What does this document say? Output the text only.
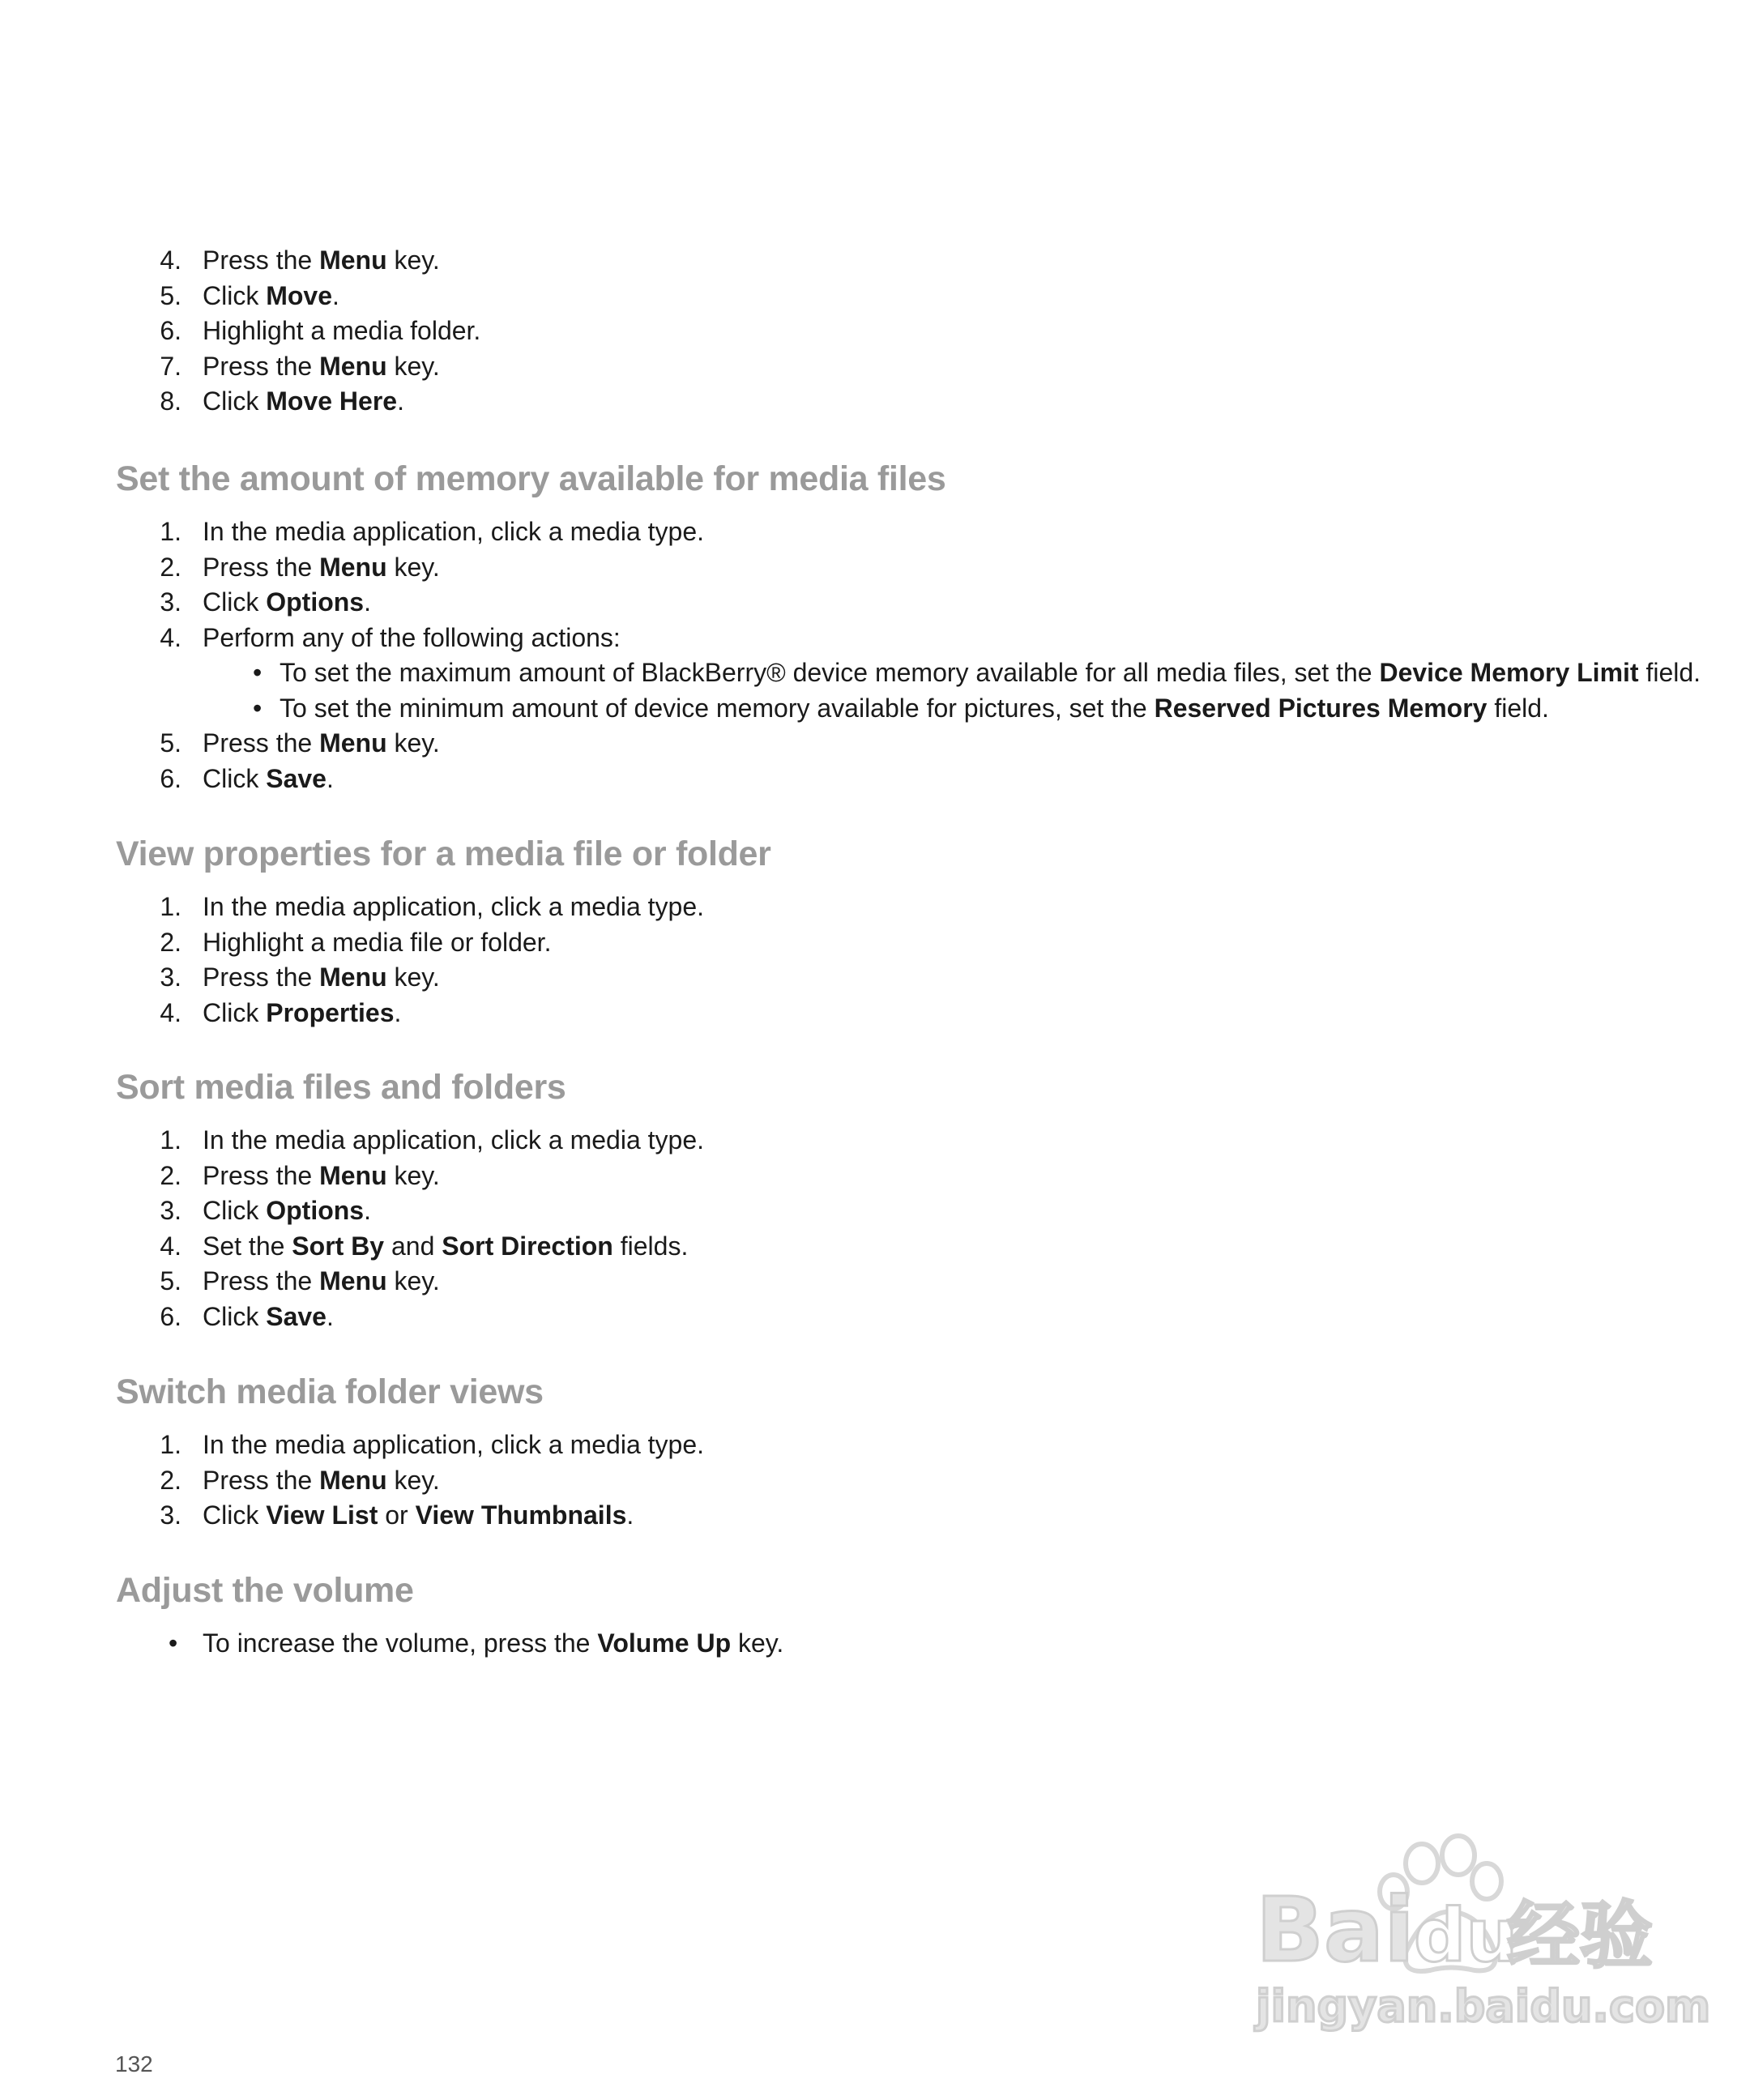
4. Press the Menu key.
5. Click Move.
6. Highlight a media folder.
7. Press the Menu key.
8. Click Move Here.
Set the amount of memory available for media files
1. In the media application, click a media type.
2. Press the Menu key.
3. Click Options.
4. Perform any of the following actions:
• To set the maximum amount of BlackBerry® device memory available for all media files, set the Device Memory Limit field.
• To set the minimum amount of device memory available for pictures, set the Reserved Pictures Memory field.
5. Press the Menu key.
6. Click Save.
View properties for a media file or folder
1. In the media application, click a media type.
2. Highlight a media file or folder.
3. Press the Menu key.
4. Click Properties.
Sort media files and folders
1. In the media application, click a media type.
2. Press the Menu key.
3. Click Options.
4. Set the Sort By and Sort Direction fields.
5. Press the Menu key.
6. Click Save.
Switch media folder views
1. In the media application, click a media type.
2. Press the Menu key.
3. Click View List or View Thumbnails.
Adjust the volume
• To increase the volume, press the Volume Up key.
132
Bai du
经验
jingyan.baidu.com
